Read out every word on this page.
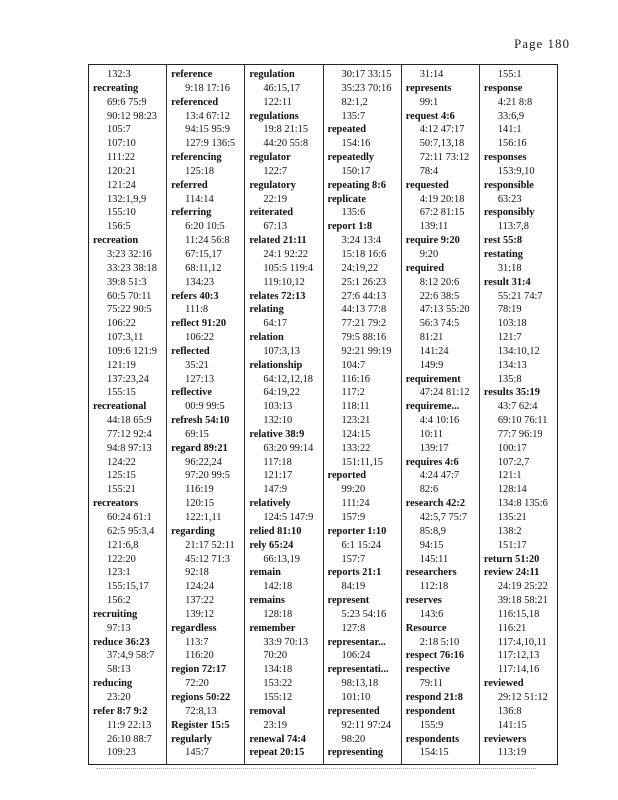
Page 180
132:3
recreating
69:6 75:9
90:12 98:23
105:7
107:10
111:22
120:21
121:24
132:1,9,9
155:10
156:5
recreation
3:23 32:16
33:23 38:18
39:8 51:3
60:5 70:11
75:22 90:5
106:22
107:3,11
109:6 121:9
121:19
137:23,24
155:15
recreational
44:18 65:9
77:12 92:4
94:8 97:13
124:22
125:15
155:21
recreators
60:24 61:1
62:5 95:3,4
121:6,8
122:20
123:1
155:15,17
156:2
recruiting
97:13
reduce 36:23
37:4,9 58:7
58:13
reducing
23:20
refer 8:7 9:2
11:9 22:13
26:10 88:7
109:23
reference
9:18 17:16
referenced
13:4 67:12
94:15 95:9
127:9 136:5
referencing
125:18
referred
114:14
referring
6:20 10:5
11:24 56:8
67:15,17
68:11,12
134:23
refers 40:3
111:8
reflect 91:20
106:22
reflected
35:21
127:13
reflective
00:9 99:5
refresh 54:10
69:15
regard 89:21
96:22,24
97:20 99:5
116:19
120:15
122:1,11
regarding
21:17 52:11
45:12 71:3
92:18
124:24
137:22
139:12
regardless
113:7
116:20
region 72:17
72:20
regions 50:22
72:8,13
Register 15:5
regularly
145:7
regulation
46:15,17
122:11
regulations
19:8 21:15
44:20 55:8
regulator
122:7
regulatory
22:19
reiterated
67:13
related 21:11
24:1 92:22
105:5 119:4
119:10,12
relates 72:13
relating
64:17
relation
107:3,13
relationship
64:12,12,18
64:19,22
103:13
132:10
relative 38:9
63:20 99:14
117:18
121:17
147:9
relatively
124:5 147:9
relied 81:10
rely 65:24
66:13,19
remain
142:18
remains
128:18
remember
33:9 70:13
70:20
134:18
153:22
155:12
removal
23:19
renewal 74:4
repeat 20:15
30:17 33:15
35:23 70:16
82:1,2
135:7
repeated
154:16
repeatedly
150:17
repeating 8:6
replicate
135:6
report 1:8
3:24 13:4
15:18 16:6
24:19,22
25:1 26:23
27:6 44:13
44:13 77:8
77:21 79:2
79:5 88:16
92:21 99:19
104:7
116:16
117:2
118:11
123:21
124:15
133:22
151:11,15
reported
99:20
111:24
157:9
reporter 1:10
6:1 15:24
157:7
reports 21:1
84:19
represent
5:23 54:16
127:8
representar...
106:24
representati...
98:13,18
101:10
represented
92:11 97:24
98:20
representing
31:14
represents
99:1
request 4:6
4:12 47:17
50:7,13,18
72:11 73:12
78:4
requested
4:19 20:18
67:2 81:15
139:11
require 9:20
9:20
required
8:12 20:6
22:6 38:5
47:13 55:20
56:3 74:5
81:21
141:24
149:9
requirement
47:24 81:12
requireme...
4:4 10:16
10:11
139:17
requires 4:6
4:24 47:7
82:6
research 42:2
42:5,7 75:7
85:8,9
94:15
145:11
researchers
112:18
reserves
143:6
Resource
2:18 5:10
respect 76:16
respective
79:11
respond 21:8
respondent
155:9
respondents
154:15
155:1
response
4:21 8:8
33:6,9
141:1
156:16
responses
153:9,10
responsible
63:23
responsibly
113:7,8
rest 55:8
restating
31:18
result 31:4
55:21 74:7
78:19
103:18
121:7
134:10,12
134:13
135:8
results 35:19
43:7 62:4
69:10 76:11
77:7 96:19
100:17
107:2,7
121:1
128:14
134:8 135:6
135:21
138:2
151:17
return 51:20
review 24:11
24:19 25:22
39:18 58:21
116:15,18
116:21
117:4,10,11
117:12,13
117:14,16
reviewed
29:12 51:12
136:8
141:15
reviewers
113:19
